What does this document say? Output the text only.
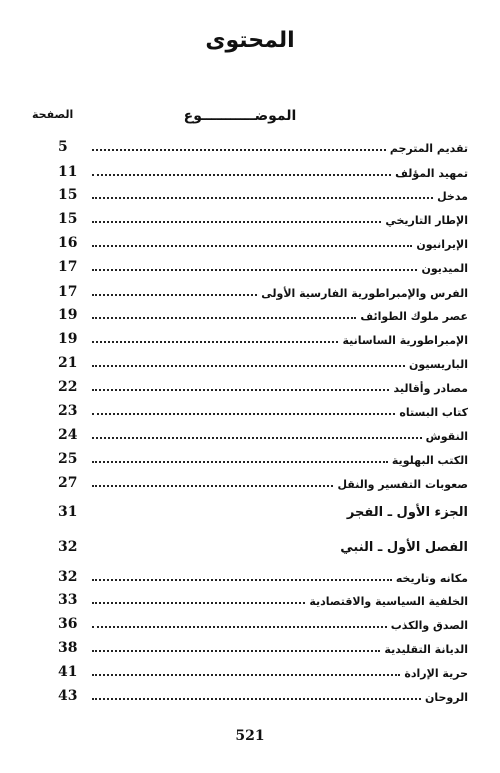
المحتوى
الموضـــــــــــوع
الصفحة
تقديم المترجم
5
تمهيد المؤلف
11
مدخل
15
الإطار التاريخي
15
الإيرانيون
16
الميديون
17
الفرس والإمبراطورية الفارسية الأولى
17
عصر ملوك الطوائف
19
الإمبراطورية الساسانية
19
الباريسيون
21
مصادر وأقاليد
22
كتاب البستاه
23
النقوش
24
الكتب البهلوية
25
صعوبات التفسير والنقل
27
الجزء الأول ـ الفجر
31
الفصل الأول ـ النبي
32
مكانه وتاريخه
32
الخلفية السياسية والاقتصادية
33
الصدق والكذب
36
الديانة التقليدية
38
حرية الإرادة
41
الروحان
43
521
